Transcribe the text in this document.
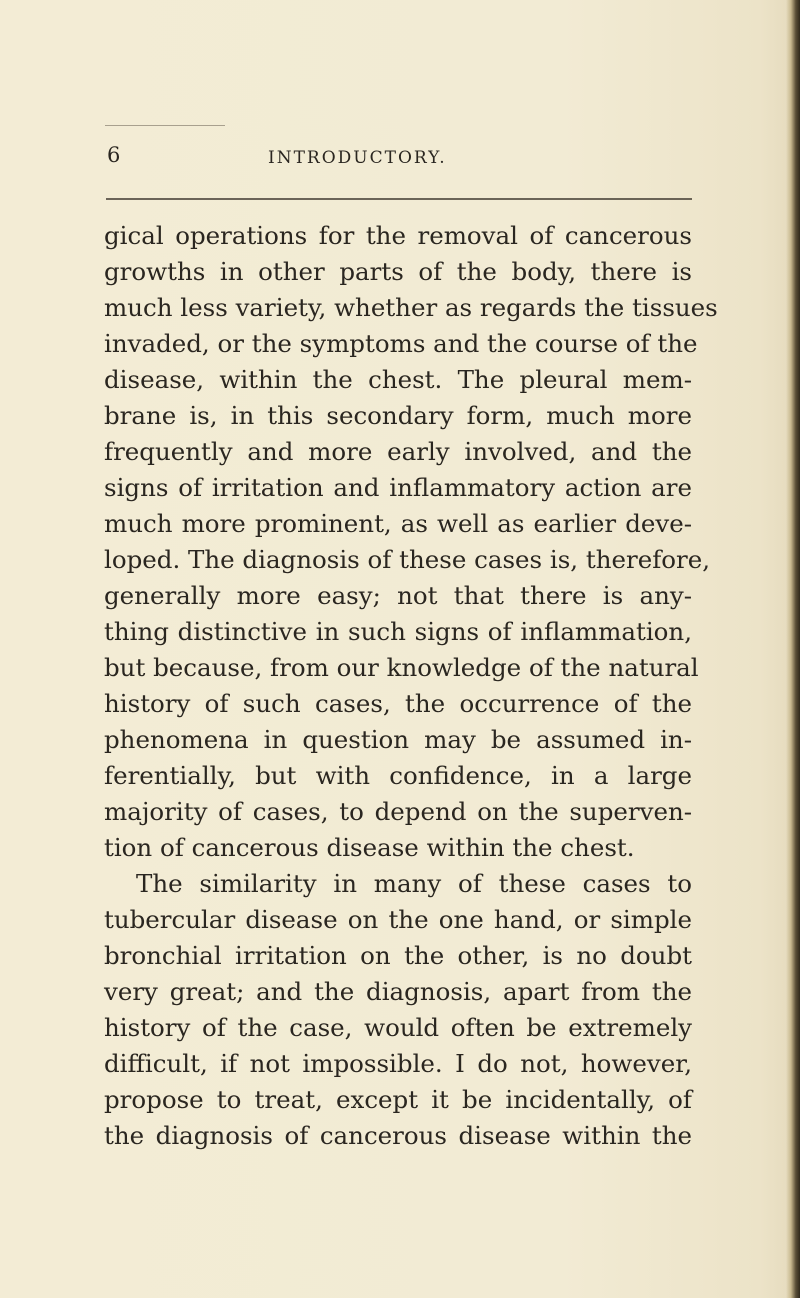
6	INTRODUCTORY.
gical operations for the removal of cancerous
growths in other parts of the body, there is
much less variety, whether as regards the tissues
invaded, or the symptoms and the course of the
disease, within the chest. The pleural mem-
brane is, in this secondary form, much more
frequently and more early involved, and the
signs of irritation and inflammatory action are
much more prominent, as well as earlier deve-
loped. The diagnosis of these cases is, therefore,
generally more easy; not that there is any-
thing distinctive in such signs of inflammation,
but because, from our knowledge of the natural
history of such cases, the occurrence of the
phenomena in question may be assumed in-
ferentially, but with confidence, in a large
majority of cases, to depend on the superven-
tion of cancerous disease within the chest.
The similarity in many of these cases to
tubercular disease on the one hand, or simple
bronchial irritation on the other, is no doubt
very great; and the diagnosis, apart from the
history of the case, would often be extremely
difficult, if not impossible. I do not, however,
propose to treat, except it be incidentally, of
the diagnosis of cancerous disease within the
